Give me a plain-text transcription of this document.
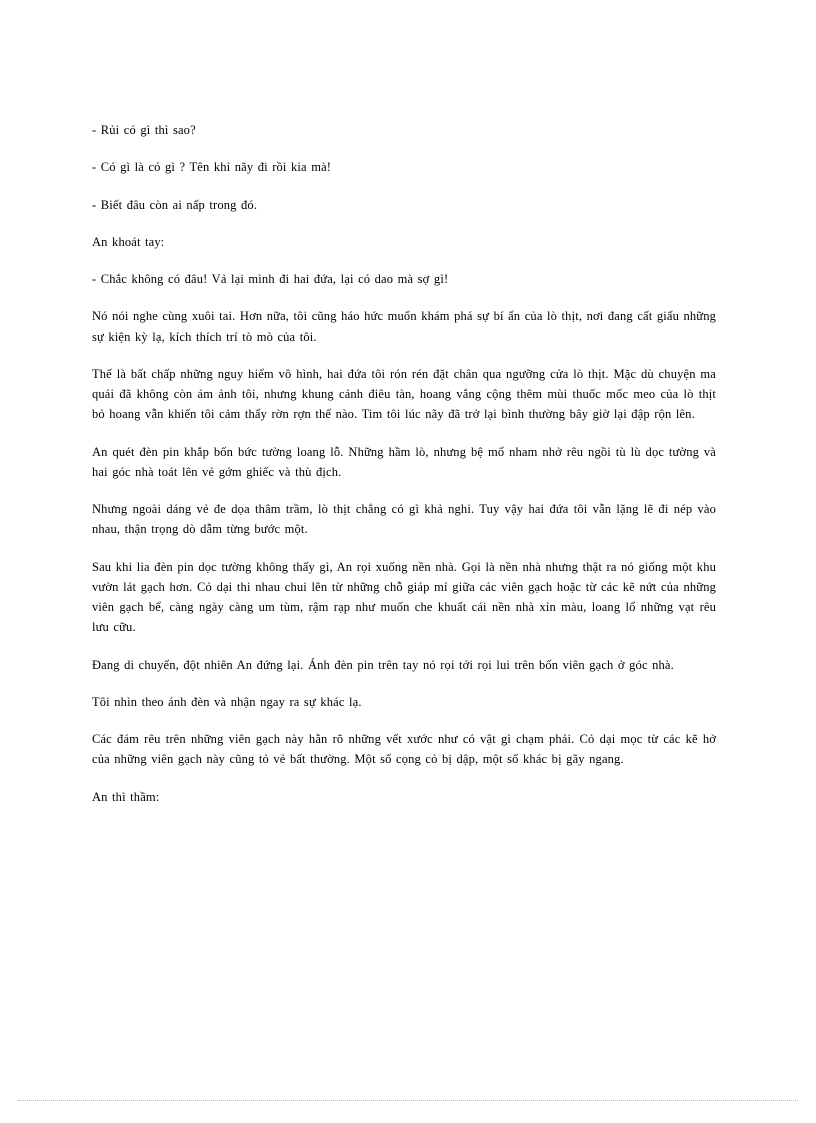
- Rủi có gì thì sao?

- Có gì là có gì ? Tên khỉ nãy đi rồi kia mà!

- Biết đâu còn ai nấp trong đó.

An khoát tay:

- Chắc không có đâu! Vả lại mình đi hai đứa, lại có dao mà sợ gì!

Nó nói nghe cùng xuôi tai. Hơn nữa, tôi cũng háo hức muốn khám phá sự bí ẩn của lò thịt, nơi đang cất giấu những sự kiện kỳ lạ, kích thích trí tò mò của tôi.

Thế là bất chấp những nguy hiểm vô hình, hai đứa tôi rón rén đặt chân qua ngưỡng cửa lò thịt. Mặc dù chuyện ma quái đã không còn ám ảnh tôi, nhưng khung cảnh điêu tàn, hoang vắng cộng thêm mùi thuốc mốc meo của lò thịt bỏ hoang vẫn khiến tôi cảm thấy rờn rợn thế nào. Tim tôi lúc nãy đã trở lại bình thường bây giờ lại đập rộn lên.

An quét đèn pin khắp bốn bức tường loang lỗ. Những hầm lò, nhưng bệ mổ nham nhở rêu ngồi tù lù dọc tường và hai góc nhà toát lên vẻ gớm ghiếc và thù địch.

Nhưng ngoài dáng vẻ đe dọa thâm trầm, lò thịt chẳng có gì khả nghi. Tuy vậy hai đứa tôi vẫn lặng lẽ đi nép vào nhau, thận trọng dò dẫm từng bước một.

Sau khi lia đèn pin dọc tường không thấy gì, An rọi xuống nền nhà. Gọi là nền nhà nhưng thật ra nó giống một khu vườn lát gạch hơn. Cỏ dại thi nhau chui lên từ những chỗ giáp mí giữa các viên gạch hoặc từ các kẽ nứt của những viên gạch bể, càng ngày càng um tùm, rậm rạp như muốn che khuất cái nền nhà xỉn màu, loang lổ những vạt rêu lưu cữu.

Đang di chuyển, đột nhiên An đứng lại. Ánh đèn pin trên tay nó rọi tới rọi lui trên bốn viên gạch ở góc nhà.

Tôi nhìn theo ánh đèn và nhận ngay ra sự khác lạ.

Các đám rêu trên những viên gạch này hằn rõ những vết xước như có vật gì chạm phải. Cỏ dại mọc từ các kẽ hở của những viên gạch này cũng tỏ vẻ bất thường. Một số cọng cỏ bị dập, một số khác bị gãy ngang.

An thì thầm:
